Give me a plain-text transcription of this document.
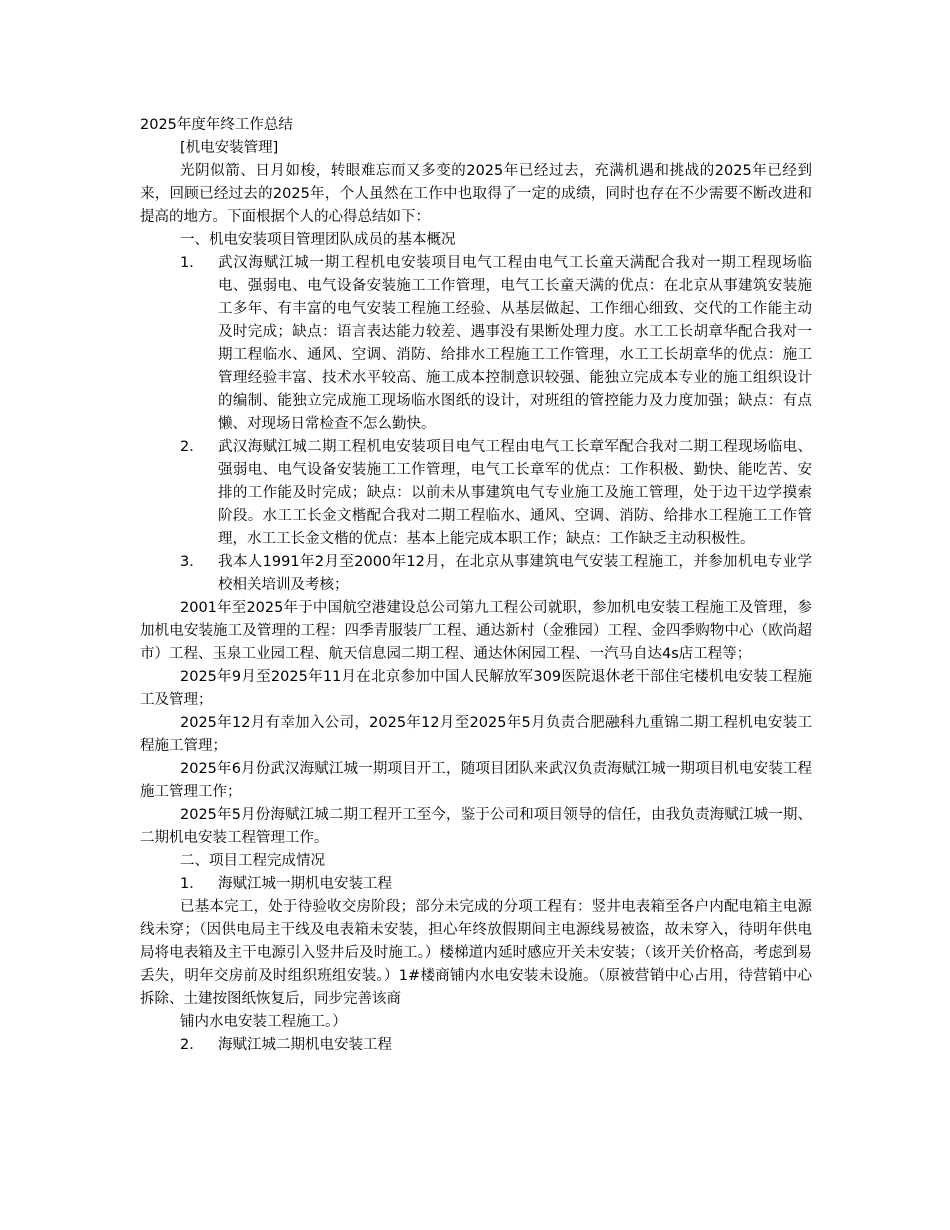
2025年度年终工作总结

[机电安装管理]

光阴似箭、日月如梭，转眼难忘而又多变的2025年已经过去，充满机遇和挑战的2025年已经到来，回顾已经过去的2025年，个人虽然在工作中也取得了一定的成绩，同时也存在不少需要不断改进和提高的地方。下面根据个人的心得总结如下：

一、机电安装项目管理团队成员的基本概况

1． 武汉海赋江城一期工程机电安装项目电气工程由电气工长童天满配合我对一期工程现场临电、强弱电、电气设备安装施工工作管理，电气工长童天满的优点：在北京从事建筑安装施工多年、有丰富的电气安装工程施工经验、从基层做起、工作细心细致、交代的工作能主动及时完成；缺点：语言表达能力较差、遇事没有果断处理力度。水工工长胡章华配合我对一期工程临水、通风、空调、消防、给排水工程施工工作管理，水工工长胡章华的优点：施工管理经验丰富、技术水平较高、施工成本控制意识较强、能独立完成本专业的施工组织设计的编制、能独立完成施工现场临水图纸的设计，对班组的管控能力及力度加强；缺点：有点懒、对现场日常检查不怎么勤快。
2． 武汉海赋江城二期工程机电安装项目电气工程由电气工长章军配合我对二期工程现场临电、强弱电、电气设备安装施工工作管理，电气工长章军的优点：工作积极、勤快、能吃苦、安排的工作能及时完成；缺点：以前未从事建筑电气专业施工及施工管理，处于边干边学摸索阶段。水工工长金文楷配合我对二期工程临水、通风、空调、消防、给排水工程施工工作管理，水工工长金文楷的优点：基本上能完成本职工作；缺点：工作缺乏主动积极性。
3． 我本人1991年2月至2000年12月，在北京从事建筑电气安装工程施工，并参加机电专业学校相关培训及考核；

2001年至2025年于中国航空港建设总公司第九工程公司就职，参加机电安装工程施工及管理，参加机电安装施工及管理的工程：四季青服装厂工程、通达新村（金雅园）工程、金四季购物中心（欧尚超市）工程、玉泉工业园工程、航天信息园二期工程、通达休闲园工程、一汽马自达4s店工程等；

2025年9月至2025年11月在北京参加中国人民解放军309医院退休老干部住宅楼机电安装工程施工及管理；

2025年12月有幸加入公司，2025年12月至2025年5月负责合肥融科九重锦二期工程机电安装工程施工管理；

2025年6月份武汉海赋江城一期项目开工，随项目团队来武汉负责海赋江城一期项目机电安装工程施工管理工作；

2025年5月份海赋江城二期工程开工至今，鉴于公司和项目领导的信任，由我负责海赋江城一期、二期机电安装工程管理工作。

二、项目工程完成情况

1． 海赋江城一期机电安装工程

已基本完工，处于待验收交房阶段；部分未完成的分项工程有：竖井电表箱至各户内配电箱主电源线未穿；（因供电局主干线及电表箱未安装，担心年终放假期间主电源线易被盗，故未穿入，待明年供电局将电表箱及主干电源引入竖井后及时施工。）楼梯道内延时感应开关未安装；（该开关价格高，考虑到易丢失，明年交房前及时组织班组安装。）1#楼商铺内水电安装未设施。（原被营销中心占用，待营销中心拆除、土建按图纸恢复后，同步完善该商

铺内水电安装工程施工。）

2． 海赋江城二期机电安装工程
